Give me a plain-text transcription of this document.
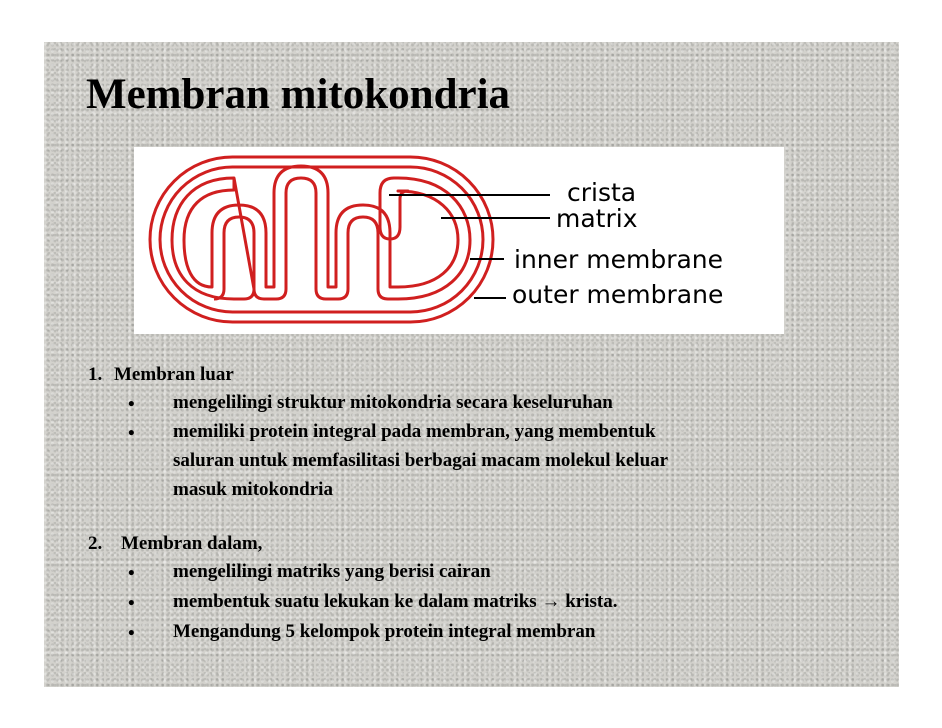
Membran mitokondria
crista
matrix
inner membrane
outer membrane
1. Membran luar
• mengelilingi struktur mitokondria secara keseluruhan
• memiliki protein integral pada membran, yang membentuk
saluran untuk memfasilitasi berbagai macam molekul keluar
masuk mitokondria
2. Membran dalam,
• mengelilingi matriks yang berisi cairan
• membentuk suatu lekukan ke dalam matriks → krista.
• Mengandung 5 kelompok protein integral membran
